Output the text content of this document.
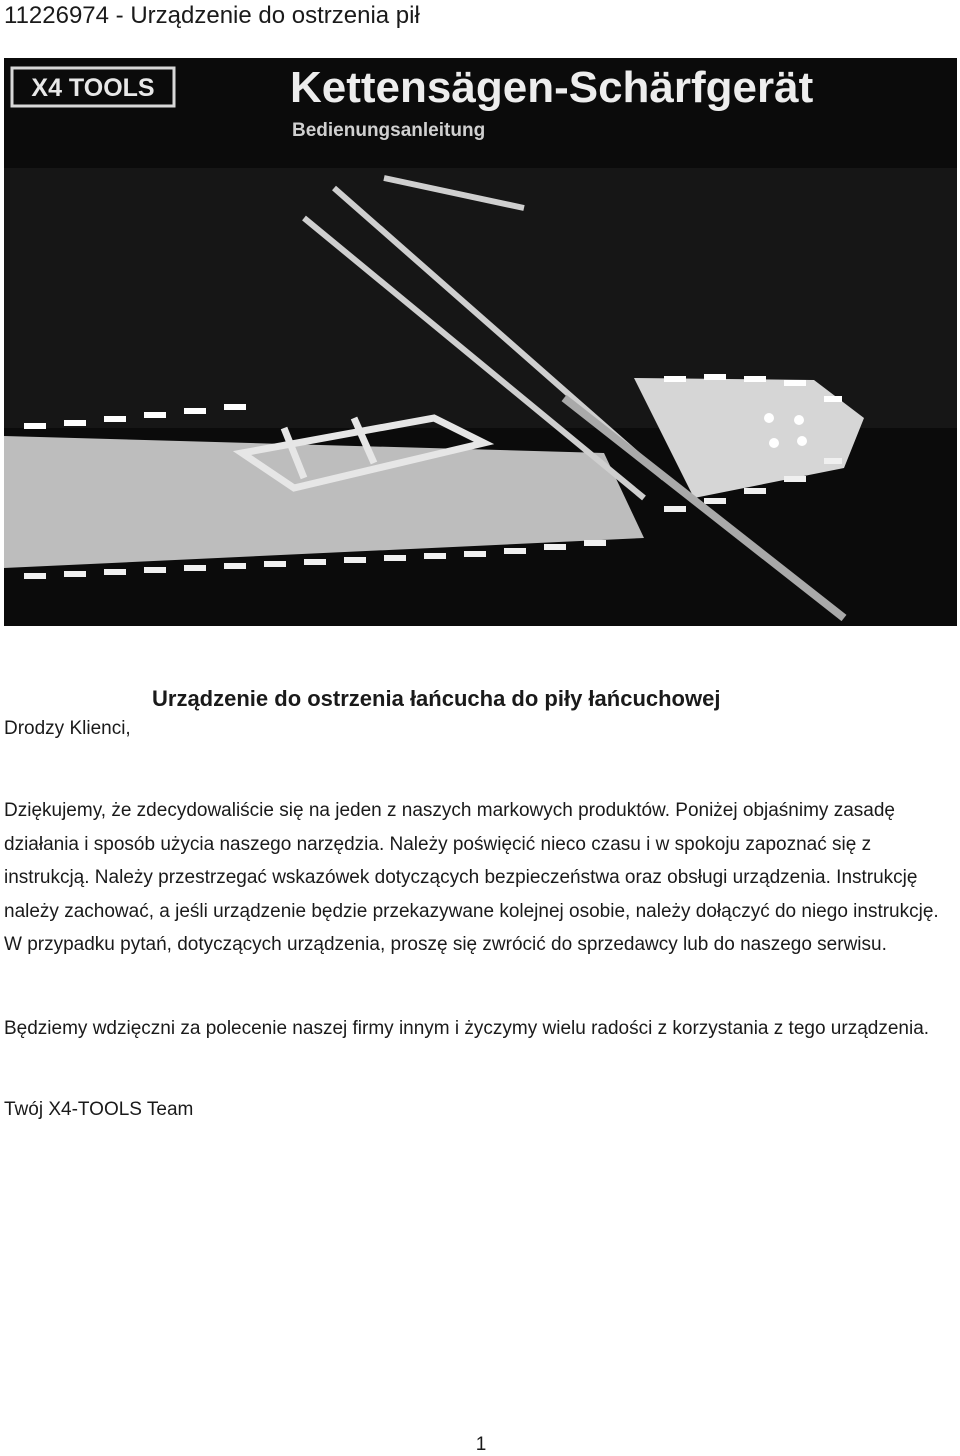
11226974 - Urządzenie do ostrzenia pił
X4 TOOLS	Kettensägen-Schärfgerät
Bedienungsanleitung
Urządzenie do ostrzenia łańcucha do piły łańcuchowej

Drodzy Klienci,

Dziękujemy, że zdecydowaliście się na jeden z naszych markowych produktów. Poniżej objaśnimy zasadę działania i sposób użycia naszego narzędzia. Należy poświęcić nieco czasu i w spokoju zapoznać się z instrukcją. Należy przestrzegać wskazówek dotyczących bezpieczeństwa oraz obsługi urządzenia. Instrukcję należy zachować, a jeśli urządzenie będzie przekazywane kolejnej osobie, należy dołączyć do niego instrukcję. W przypadku pytań, dotyczących urządzenia, proszę się zwrócić do sprzedawcy lub do naszego serwisu.

Będziemy wdzięczni za polecenie naszej firmy innym i życzymy wielu radości z korzystania z tego urządzenia.

Twój X4-TOOLS Team

1
